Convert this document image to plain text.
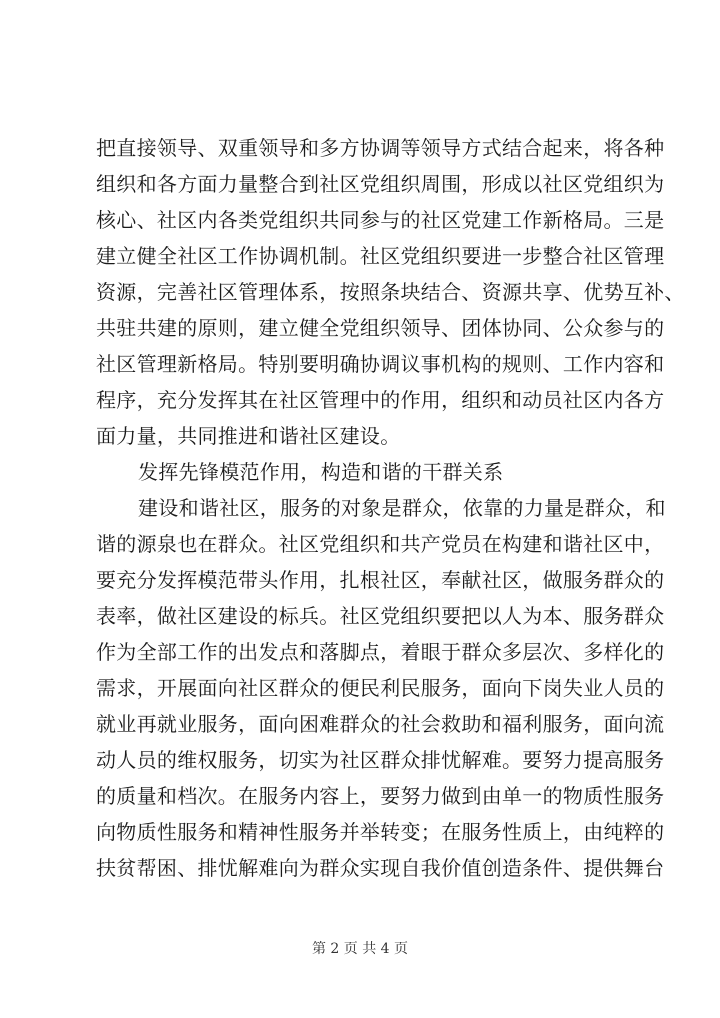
把直接领导、双重领导和多方协调等领导方式结合起来，将各种
组织和各方面力量整合到社区党组织周围，形成以社区党组织为
核心、社区内各类党组织共同参与的社区党建工作新格局。三是
建立健全社区工作协调机制。社区党组织要进一步整合社区管理
资源，完善社区管理体系，按照条块结合、资源共享、优势互补、
共驻共建的原则，建立健全党组织领导、团体协同、公众参与的
社区管理新格局。特别要明确协调议事机构的规则、工作内容和
程序，充分发挥其在社区管理中的作用，组织和动员社区内各方
面力量，共同推进和谐社区建设。
发挥先锋模范作用，构造和谐的干群关系
建设和谐社区，服务的对象是群众，依靠的力量是群众，和
谐的源泉也在群众。社区党组织和共产党员在构建和谐社区中，
要充分发挥模范带头作用，扎根社区，奉献社区，做服务群众的
表率，做社区建设的标兵。社区党组织要把以人为本、服务群众
作为全部工作的出发点和落脚点，着眼于群众多层次、多样化的
需求，开展面向社区群众的便民利民服务，面向下岗失业人员的
就业再就业服务，面向困难群众的社会救助和福利服务，面向流
动人员的维权服务，切实为社区群众排忧解难。要努力提高服务
的质量和档次。在服务内容上，要努力做到由单一的物质性服务
向物质性服务和精神性服务并举转变；在服务性质上，由纯粹的
扶贫帮困、排忧解难向为群众实现自我价值创造条件、提供舞台
第 2 页 共 4 页
